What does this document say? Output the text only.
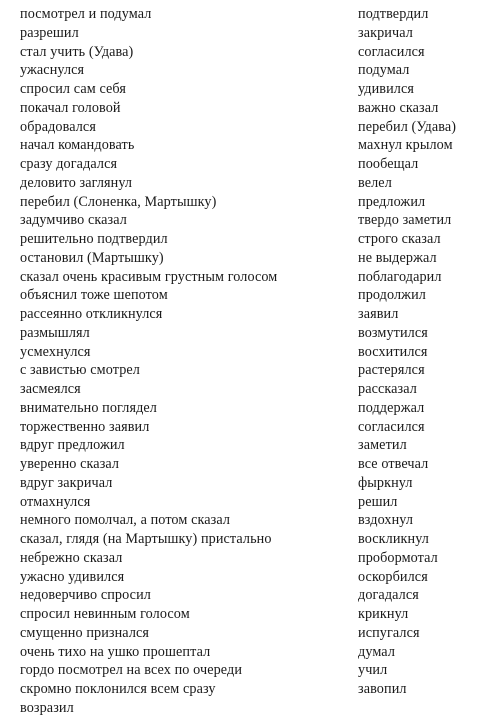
посмотрел и подумал
разрешил
стал учить (Удава)
ужаснулся
спросил сам себя
покачал головой
обрадовался
начал командовать
сразу догадался
деловито заглянул
перебил (Слоненка, Мартышку)
задумчиво сказал
решительно подтвердил
остановил (Мартышку)
сказал очень красивым грустным голосом
объяснил тоже шепотом
рассеянно откликнулся
размышлял
усмехнулся
с завистью смотрел
засмеялся
внимательно поглядел
торжественно заявил
вдруг предложил
уверенно сказал
вдруг закричал
отмахнулся
немного помолчал, а потом сказал
сказал, глядя (на Мартышку) пристально
небрежно сказал
ужасно удивился
недоверчиво спросил
спросил невинным голосом
смущенно признался
очень тихо на ушко прошептал
гордо посмотрел на всех по очереди
скромно поклонился всем сразу
возразил
подтвердил
закричал
согласился
подумал
удивился
важно сказал
перебил (Удава)
махнул крылом
пообещал
велел
предложил
твердо заметил
строго сказал
не выдержал
поблагодарил
продолжил
заявил
возмутился
восхитился
растерялся
рассказал
поддержал
согласился
заметил
все отвечал
фыркнул
решил
вздохнул
воскликнул
пробормотал
оскорбился
догадался
крикнул
испугался
думал
учил
завопил
